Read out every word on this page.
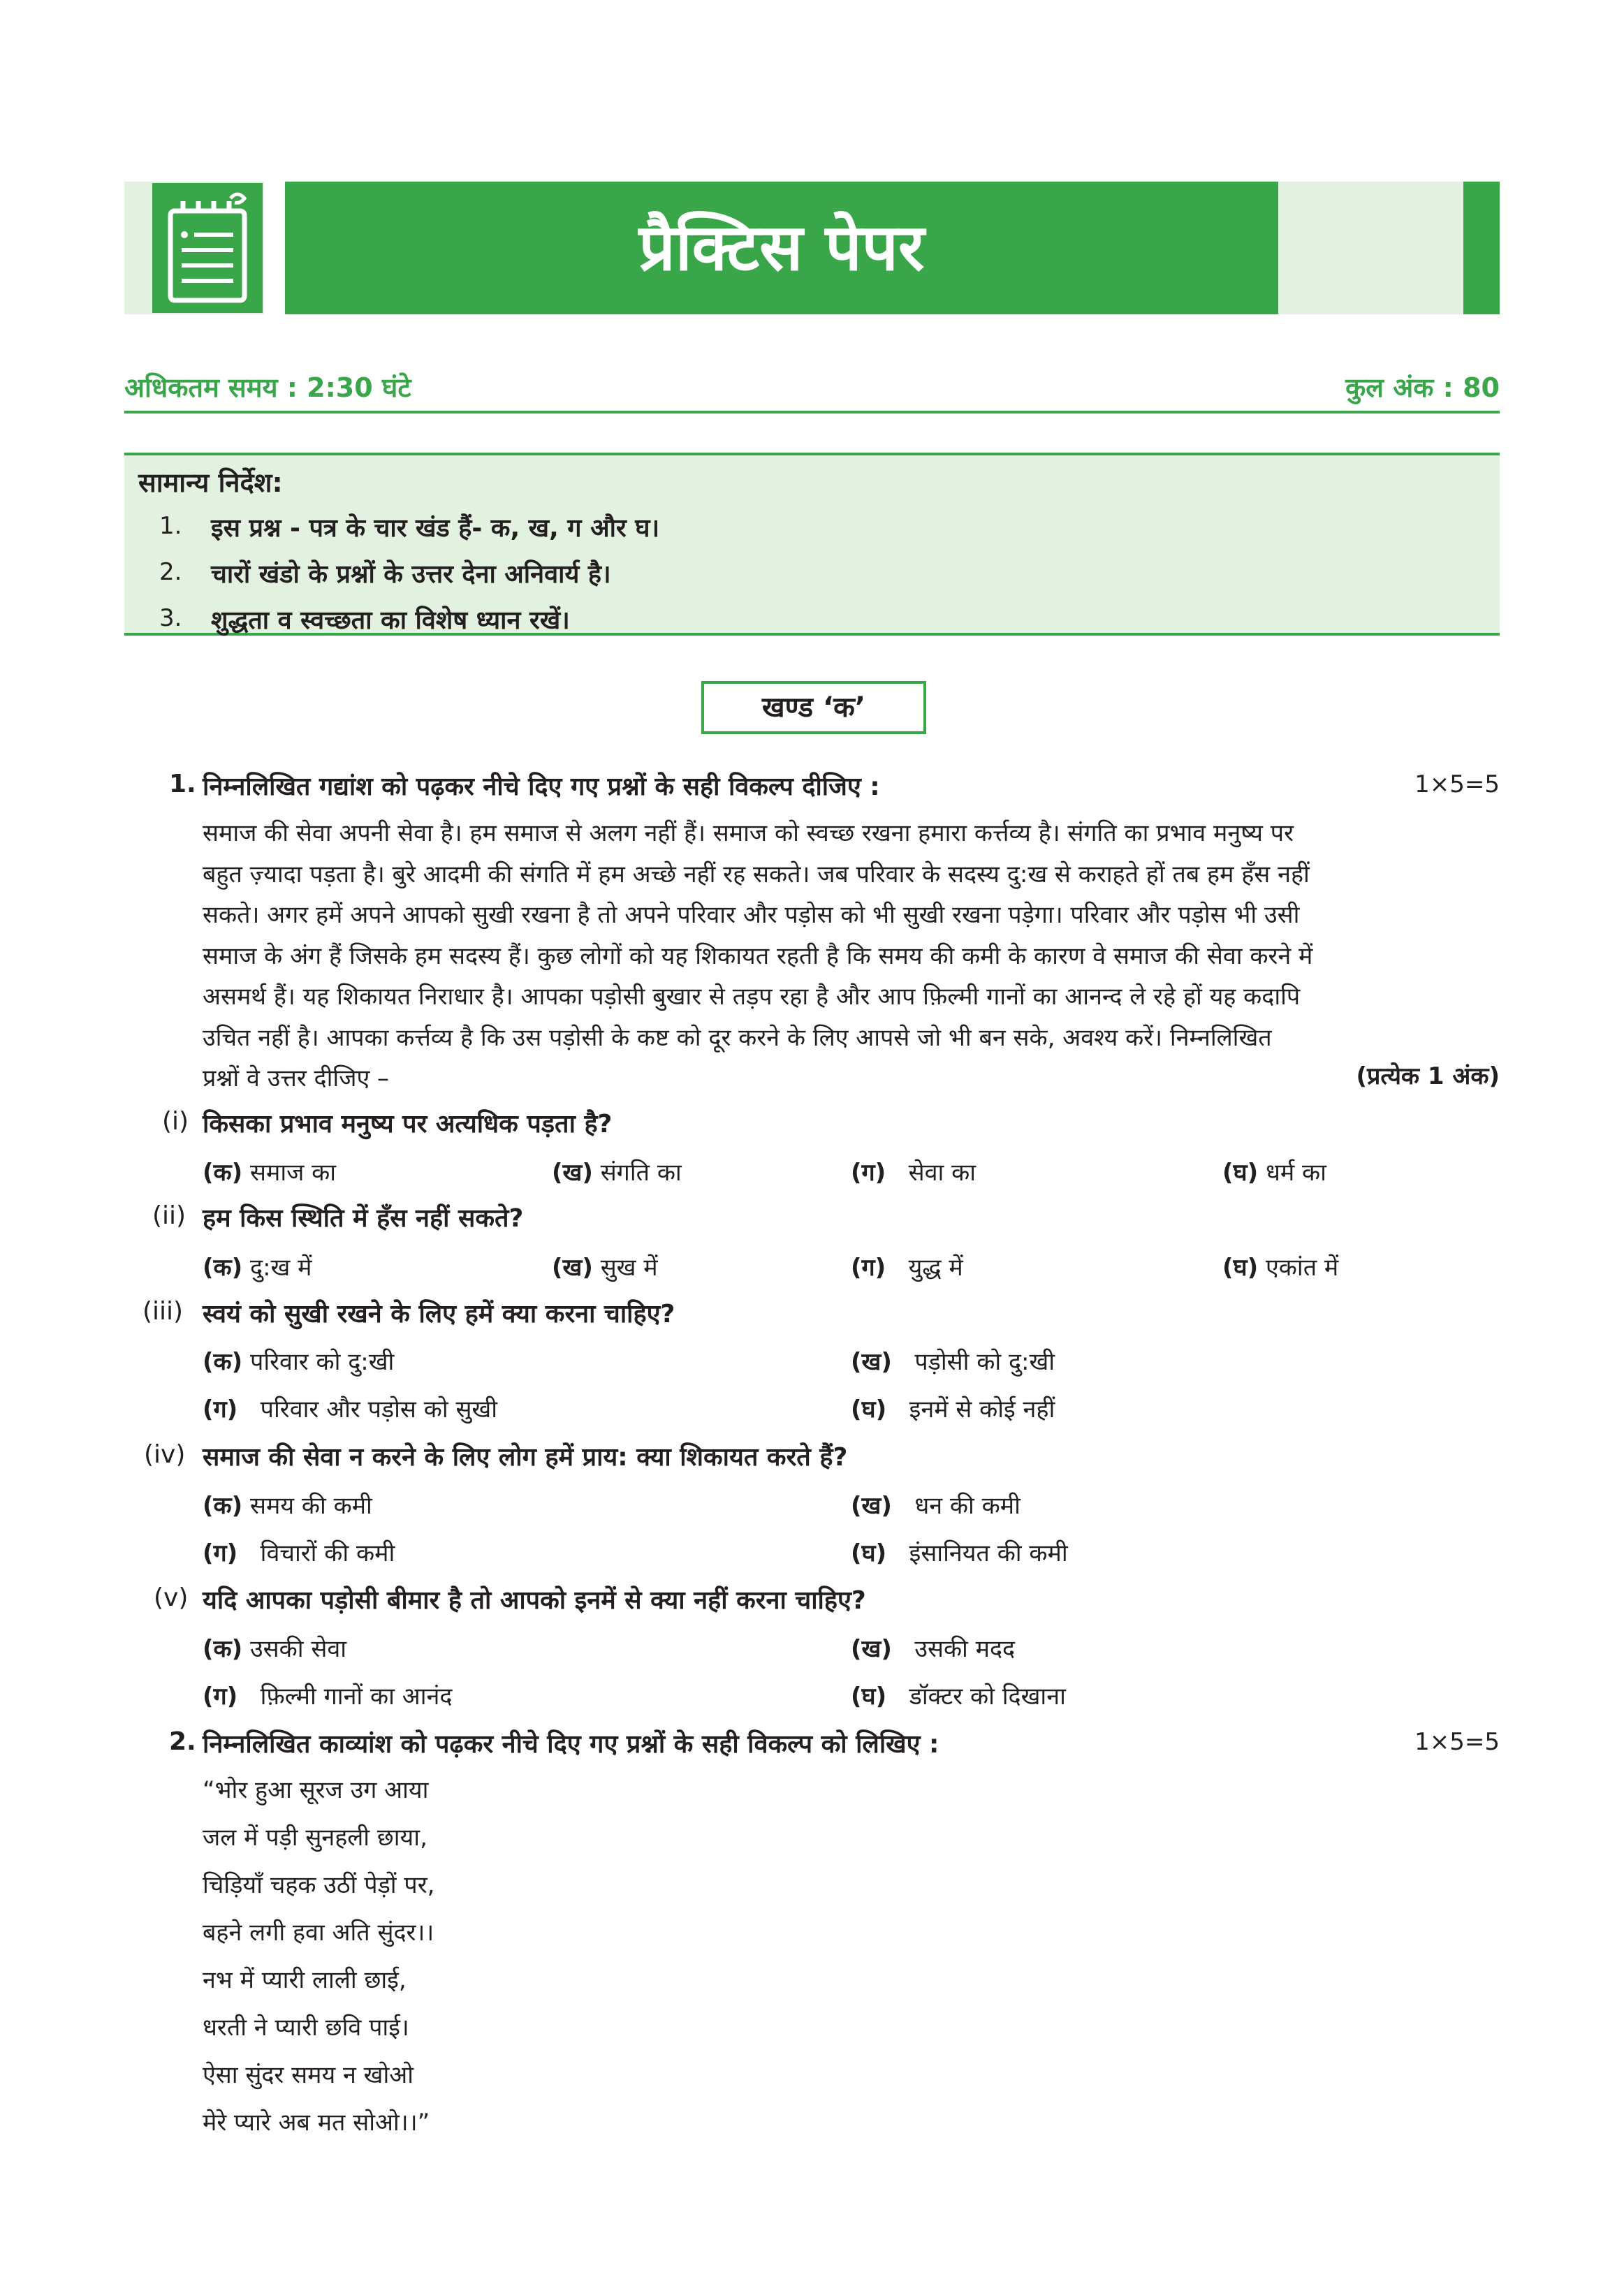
प्रैक्टिस पेपर
अधिकतम समय : 2:30 घंटे	कुल अंक : 80
सामान्य निर्देश:
1. इस प्रश्न - पत्र के चार खंड हैं- क, ख, ग और घ।
2. चारों खंडो के प्रश्नों के उत्तर देना अनिवार्य है।
3. शुद्धता व स्वच्छता का विशेष ध्यान रखें।
खण्ड ‘क’
1. निम्नलिखित गद्यांश को पढ़कर नीचे दिए गए प्रश्नों के सही विकल्प दीजिए :	1×5=5
समाज की सेवा अपनी सेवा है। हम समाज से अलग नहीं हैं। समाज को स्वच्छ रखना हमारा कर्त्तव्य है। संगति का प्रभाव मनुष्य पर
बहुत ज़्यादा पड़ता है। बुरे आदमी की संगति में हम अच्छे नहीं रह सकते। जब परिवार के सदस्य दु:ख से कराहते हों तब हम हँस नहीं
सकते। अगर हमें अपने आपको सुखी रखना है तो अपने परिवार और पड़ोस को भी सुखी रखना पड़ेगा। परिवार और पड़ोस भी उसी
समाज के अंग हैं जिसके हम सदस्य हैं। कुछ लोगों को यह शिकायत रहती है कि समय की कमी के कारण वे समाज की सेवा करने में
असमर्थ हैं। यह शिकायत निराधार है। आपका पड़ोसी बुखार से तड़प रहा है और आप फ़िल्मी गानों का आनन्द ले रहे हों यह कदापि
उचित नहीं है। आपका कर्त्तव्य है कि उस पड़ोसी के कष्ट को दूर करने के लिए आपसे जो भी बन सके, अवश्य करें। निम्नलिखित
प्रश्नों वे उत्तर दीजिए –	(प्रत्येक 1 अंक)
(i) किसका प्रभाव मनुष्य पर अत्यधिक पड़ता है?
(क) समाज का	(ख) संगति का	(ग) सेवा का	(घ) धर्म का
(ii) हम किस स्थिति में हँस नहीं सकते?
(क) दु:ख में	(ख) सुख में	(ग) युद्ध में	(घ) एकांत में
(iii) स्वयं को सुखी रखने के लिए हमें क्या करना चाहिए?
(क) परिवार को दु:खी	(ख) पड़ोसी को दु:खी
(ग) परिवार और पड़ोस को सुखी	(घ) इनमें से कोई नहीं
(iv) समाज की सेवा न करने के लिए लोग हमें प्राय: क्या शिकायत करते हैं?
(क) समय की कमी	(ख) धन की कमी
(ग) विचारों की कमी	(घ) इंसानियत की कमी
(v) यदि आपका पड़ोसी बीमार है तो आपको इनमें से क्या नहीं करना चाहिए?
(क) उसकी सेवा	(ख) उसकी मदद
(ग) फ़िल्मी गानों का आनंद	(घ) डॉक्टर को दिखाना
2. निम्नलिखित काव्यांश को पढ़कर नीचे दिए गए प्रश्नों के सही विकल्प को लिखिए :	1×5=5
“भोर हुआ सूरज उग आया
जल में पड़ी सुनहली छाया,
चिड़ियाँ चहक उठीं पेड़ों पर,
बहने लगी हवा अति सुंदर।।
नभ में प्यारी लाली छाई,
धरती ने प्यारी छवि पाई।
ऐसा सुंदर समय न खोओ
मेरे प्यारे अब मत सोओ।।”
